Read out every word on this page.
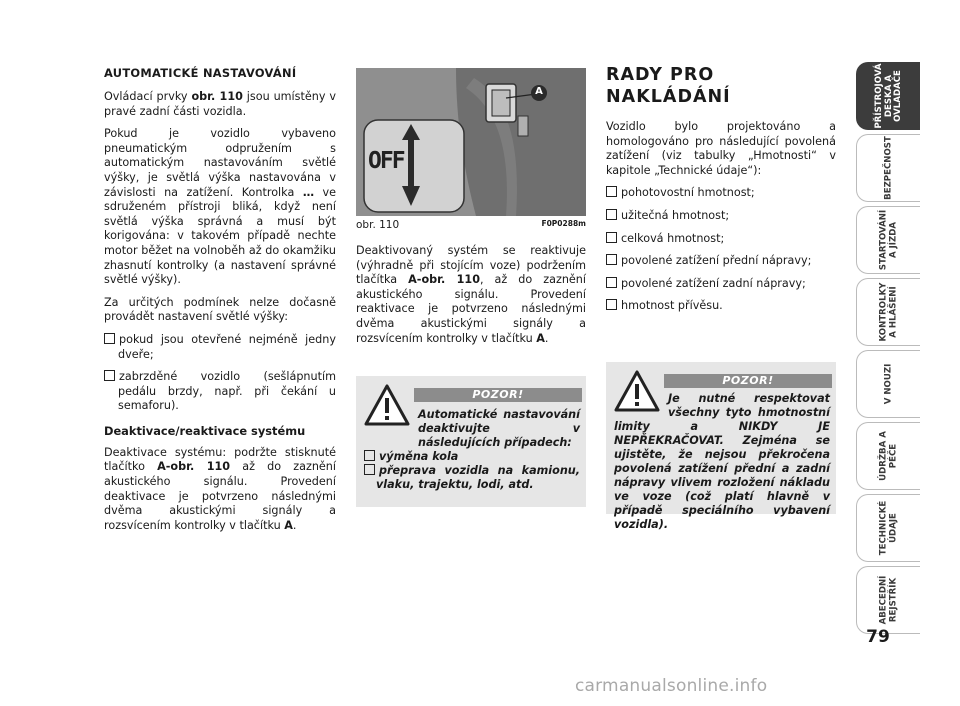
AUTOMATICKÉ NASTAVOVÁNÍ

Ovládací prvky obr. 110 jsou umístěny v pravé zadní části vozidla.

Pokud je vozidlo vybaveno pneumatickým odpružením s automatickým nastavováním světlé výšky, je světlá výška nastavována v závislosti na zatížení. Kontrolka … ve sdruženém přístroji bliká, když není světlá výška správná a musí být korigována: v takovém případě nechte motor běžet na volnoběh až do okamžiku zhasnutí kontrolky (a nastavení správné světlé výšky).

Za určitých podmínek nelze dočasně provádět nastavení světlé výšky:

pokud jsou otevřené nejméně jedny dveře;

zabrzděné vozidlo (sešlápnutím pedálu brzdy, např. při čekání u semaforu).

Deaktivace/reaktivace systému

Deaktivace systému: podržte stisknuté tlačítko A-obr. 110 až do zaznění akustického signálu. Provedení deaktivace je potvrzeno následnými dvěma akustickými signály a rozsvícením kontrolky v tlačítku A.

OFF
A
obr. 110	F0P0288m

Deaktivovaný systém se reaktivuje (výhradně při stojícím voze) podržením tlačítka A-obr. 110, až do zaznění akustického signálu. Provedení reaktivace je potvrzeno následnými dvěma akustickými signály a rozsvícením kontrolky v tlačítku A.

POZOR!
Automatické nastavování deaktivujte v následujících případech:
výměna kola
přeprava vozidla na kamionu, vlaku, trajektu, lodi, atd.
RADY PRO
NAKLÁDÁNÍ

Vozidlo bylo projektováno a homologováno pro následující povolená zatížení (viz tabulky „Hmotnosti“ v kapitole „Technické údaje“):

pohotovostní hmotnost;

užitečná hmotnost;

celková hmotnost;

povolené zatížení přední nápravy;

povolené zatížení zadní nápravy;

hmotnost přívěsu.

POZOR!
Je nutné respektovat všechny tyto hmotnostní limity a NIKDY JE NEPŘEKRAČOVAT. Zejména se ujistěte, že nejsou překročena povolená zatížení přední a zadní nápravy vlivem rozložení nákladu ve voze (což platí hlavně v případě speciálního vybavení vozidla).
PŘÍSTROJOVÁ
DESKA A
OVLADAČE
BEZPEČNOST
STARTOVÁNÍ
A JÍZDA
KONTROLKY
A HLÁŠENÍ
V NOUZI
ÚDRŽBA A
PÉČE
TECHNICKÉ
ÚDAJE
ABECEDNÍ
REJSTŘÍK
79
carmanualsonline.info
